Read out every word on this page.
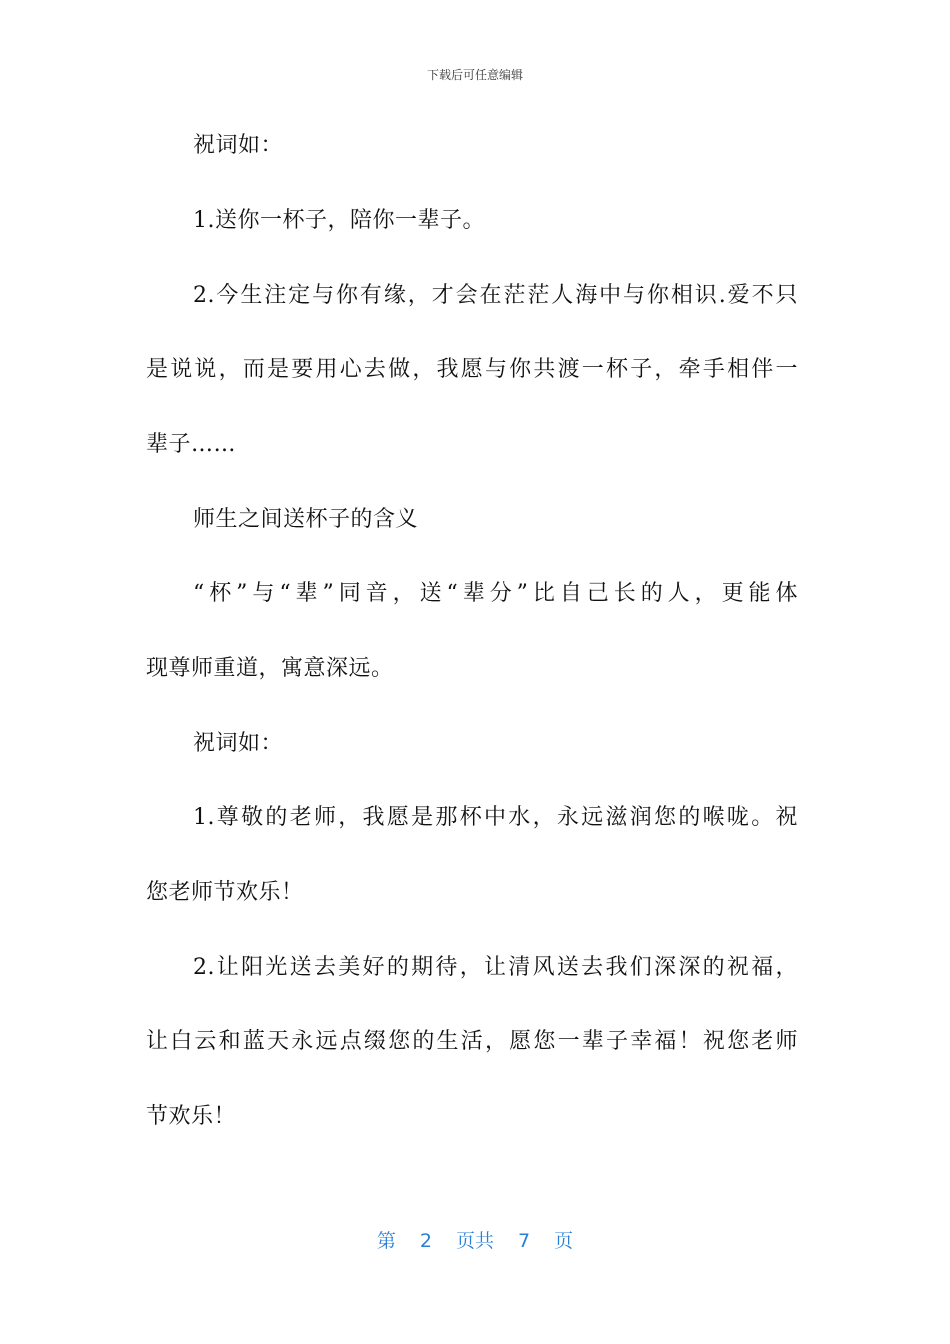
下载后可任意编辑
祝词如：
1.送你一杯子，陪你一辈子。
2.今生注定与你有缘，才会在茫茫人海中与你相识.爱不只
是说说，而是要用心去做，我愿与你共渡一杯子，牵手相伴一
辈子……
师生之间送杯子的含义
“杯”与“辈”同音，送“辈分”比自己长的人，更能体
现尊师重道，寓意深远。
祝词如：
1.尊敬的老师，我愿是那杯中水，永远滋润您的喉咙。祝
您老师节欢乐！
2.让阳光送去美好的期待，让清风送去我们深深的祝福，
让白云和蓝天永远点缀您的生活，愿您一辈子幸福！祝您老师
节欢乐！
第 2 页共 7 页
